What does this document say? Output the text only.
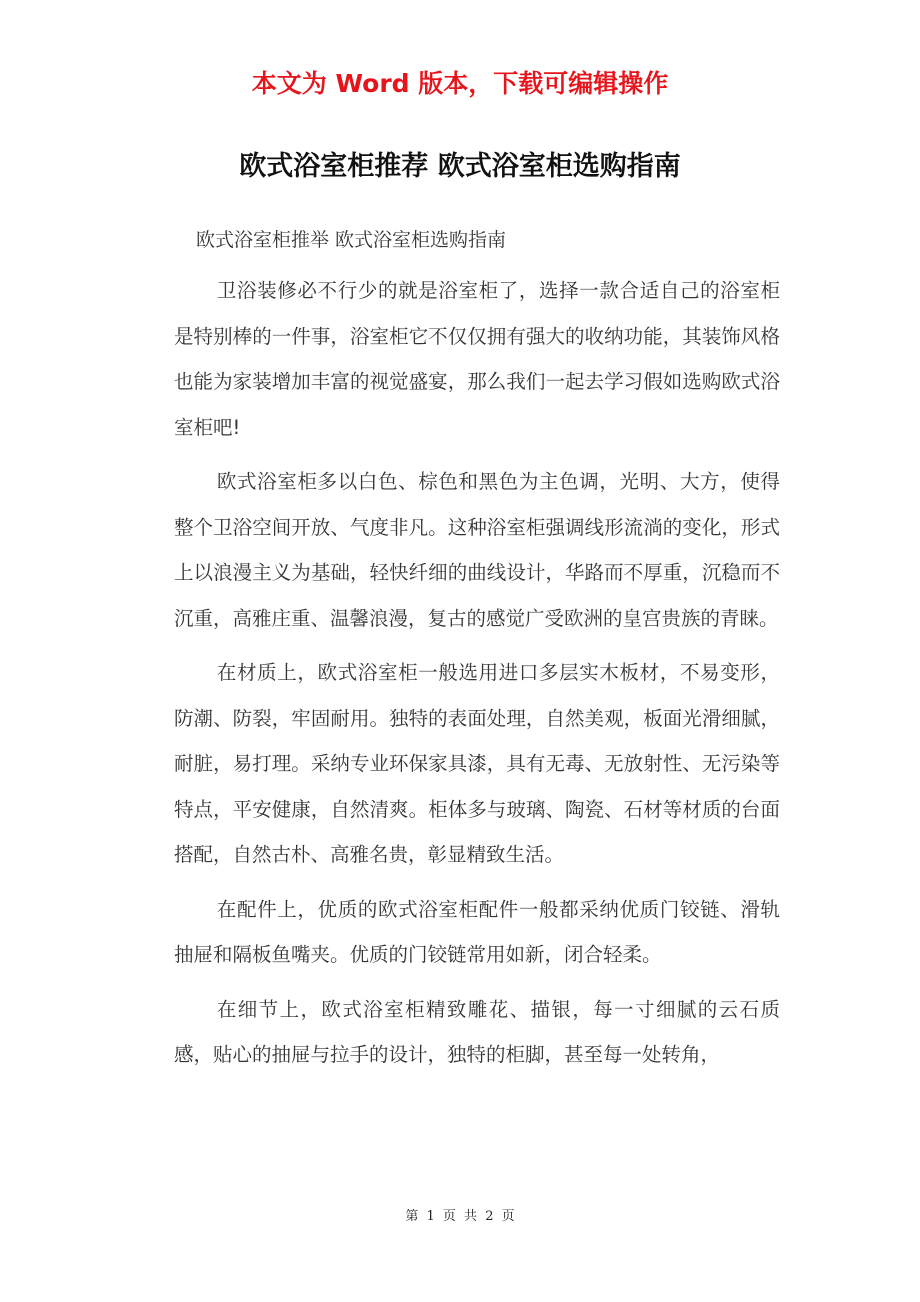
本文为 Word 版本，下载可编辑操作
欧式浴室柜推荐 欧式浴室柜选购指南
欧式浴室柜推举 欧式浴室柜选购指南

卫浴装修必不行少的就是浴室柜了，选择一款合适自己的浴室柜是特别棒的一件事，浴室柜它不仅仅拥有强大的收纳功能，其装饰风格也能为家装增加丰富的视觉盛宴，那么我们一起去学习假如选购欧式浴室柜吧!

欧式浴室柜多以白色、棕色和黑色为主色调，光明、大方，使得整个卫浴空间开放、气度非凡。这种浴室柜强调线形流淌的变化，形式上以浪漫主义为基础，轻快纤细的曲线设计，华路而不厚重，沉稳而不沉重，高雅庄重、温馨浪漫，复古的感觉广受欧洲的皇宫贵族的青睐。

在材质上，欧式浴室柜一般选用进口多层实木板材，不易变形，防潮、防裂，牢固耐用。独特的表面处理，自然美观，板面光滑细腻，耐脏，易打理。采纳专业环保家具漆，具有无毒、无放射性、无污染等特点，平安健康，自然清爽。柜体多与玻璃、陶瓷、石材等材质的台面搭配，自然古朴、高雅名贵，彰显精致生活。

在配件上，优质的欧式浴室柜配件一般都采纳优质门铰链、滑轨抽屉和隔板鱼嘴夹。优质的门铰链常用如新，闭合轻柔。

在细节上，欧式浴室柜精致雕花、描银，每一寸细腻的云石质感，贴心的抽屉与拉手的设计，独特的柜脚，甚至每一处转角，

第 1 页 共 2 页
